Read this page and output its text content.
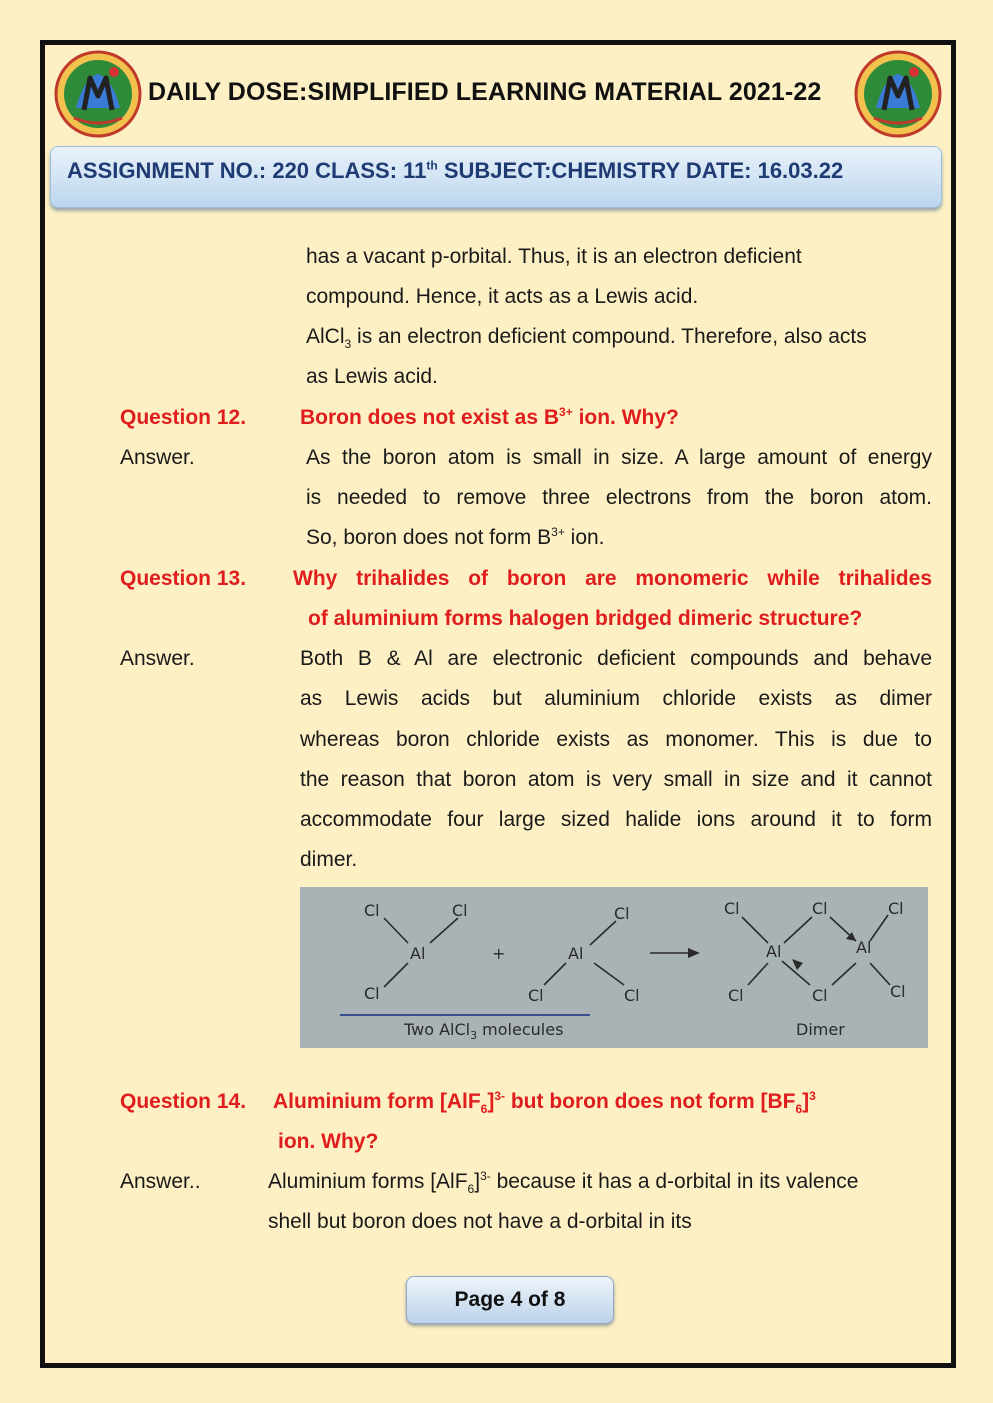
DAILY DOSE:SIMPLIFIED LEARNING MATERIAL 2021-22
ASSIGNMENT NO.: 220 CLASS: 11th SUBJECT:CHEMISTRY DATE: 16.03.22
has a vacant p-orbital. Thus, it is an electron deficient
compound. Hence, it acts as a Lewis acid.
AlCl$_3$ is an electron deficient compound. Therefore, also acts
as Lewis acid.
Question 12.	Boron does not exist as $B^{3+}$ ion. Why?
Answer.	As the boron atom is small in size. A large amount of energy
is needed to remove three electrons from the boron atom.
So, boron does not form $B^{3+}$ ion.
Question 13. Why trihalides of boron are monomeric while trihalides
of aluminium forms halogen bridged dimeric structure?
Answer.	Both B & Al are electronic deficient compounds and behave
as Lewis acids but aluminium chloride exists as dimer
whereas boron chloride exists as monomer. This is due to
the reason that boron atom is very small in size and it cannot
accommodate four large sized halide ions around it to form
dimer.
Cl	Cl
Al
Cl
+
Cl
Al
Cl	Cl
Cl	Cl	Cl
Al	Al
Cl	Cl	Cl
Two AlCl$_3$ molecules	Dimer
Question 14. Aluminium form $[AlF_6]^{3-}$ but boron does not form $[BF_6]^3$
ion. Why?
Answer..	Aluminium forms $[AlF_6]^{3-}$ because it has a d-orbital in its valence
shell but boron does not have a d-orbital in its
Page 4 of 8
